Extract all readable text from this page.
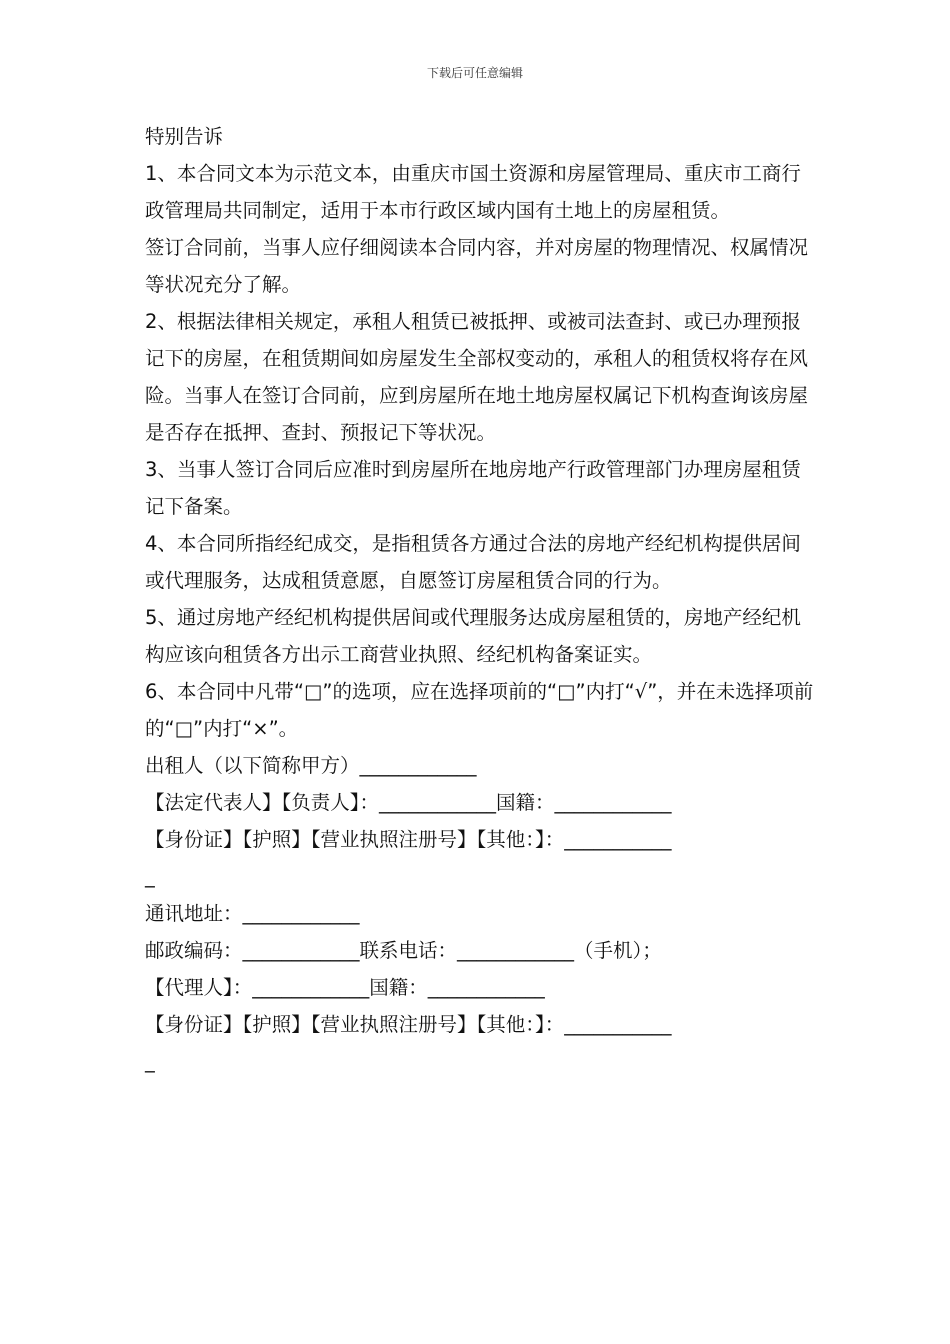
下载后可任意编辑

特别告诉

1、本合同文本为示范文本，由重庆市国土资源和房屋管理局、重庆市工商行政管理局共同制定，适用于本市行政区域内国有土地上的房屋租赁。

签订合同前，当事人应仔细阅读本合同内容，并对房屋的物理情况、权属情况等状况充分了解。

2、根据法律相关规定，承租人租赁已被抵押、或被司法查封、或已办理预报记下的房屋，在租赁期间如房屋发生全部权变动的，承租人的租赁权将存在风险。当事人在签订合同前，应到房屋所在地土地房屋权属记下机构查询该房屋是否存在抵押、查封、预报记下等状况。

3、当事人签订合同后应准时到房屋所在地房地产行政管理部门办理房屋租赁记下备案。

4、本合同所指经纪成交，是指租赁各方通过合法的房地产经纪机构提供居间或代理服务，达成租赁意愿，自愿签订房屋租赁合同的行为。

5、通过房地产经纪机构提供居间或代理服务达成房屋租赁的，房地产经纪机构应该向租赁各方出示工商营业执照、经纪机构备案证实。

6、本合同中凡带“□”的选项，应在选择项前的“□”内打“√”，并在未选择项前的“□”内打“×”。

出租人（以下简称甲方）____________

【法定代表人】【负责人】：____________国籍：____________

【身份证】【护照】【营业执照注册号】【其他：】：___________

_

通讯地址：____________

邮政编码：____________联系电话：____________（手机）；

【代理人】：____________国籍：____________

【身份证】【护照】【营业执照注册号】【其他：】：___________

_
